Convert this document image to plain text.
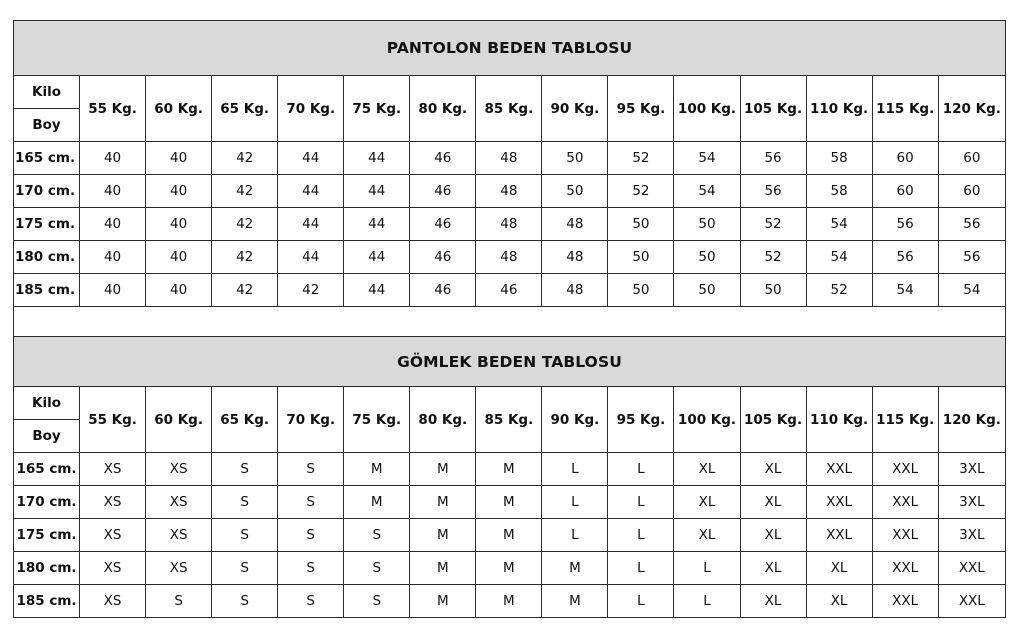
PANTOLON BEDEN TABLOSU														
Kilo	55 Kg.	60 Kg.	65 Kg.	70 Kg.	75 Kg.	80 Kg.	85 Kg.	90 Kg.	95 Kg.	100 Kg.	105 Kg.	110 Kg.	115 Kg.	120 Kg.
Boy														
165 cm.	40	40	42	44	44	46	48	50	52	54	56	58	60	60
170 cm.	40	40	42	44	44	46	48	50	52	54	56	58	60	60
175 cm.	40	40	42	44	44	46	48	48	50	50	52	54	56	56
180 cm.	40	40	42	44	44	46	48	48	50	50	52	54	56	56
185 cm.	40	40	42	42	44	46	46	48	50	50	50	52	54	54

GÖMLEK BEDEN TABLOSU														
Kilo	55 Kg.	60 Kg.	65 Kg.	70 Kg.	75 Kg.	80 Kg.	85 Kg.	90 Kg.	95 Kg.	100 Kg.	105 Kg.	110 Kg.	115 Kg.	120 Kg.
Boy														
165 cm.	XS	XS	S	S	M	M	M	L	L	XL	XL	XXL	XXL	3XL
170 cm.	XS	XS	S	S	M	M	M	L	L	XL	XL	XXL	XXL	3XL
175 cm.	XS	XS	S	S	S	M	M	L	L	XL	XL	XXL	XXL	3XL
180 cm.	XS	XS	S	S	S	M	M	M	L	L	XL	XL	XXL	XXL
185 cm.	XS	S	S	S	S	M	M	M	L	L	XL	XL	XXL	XXL
